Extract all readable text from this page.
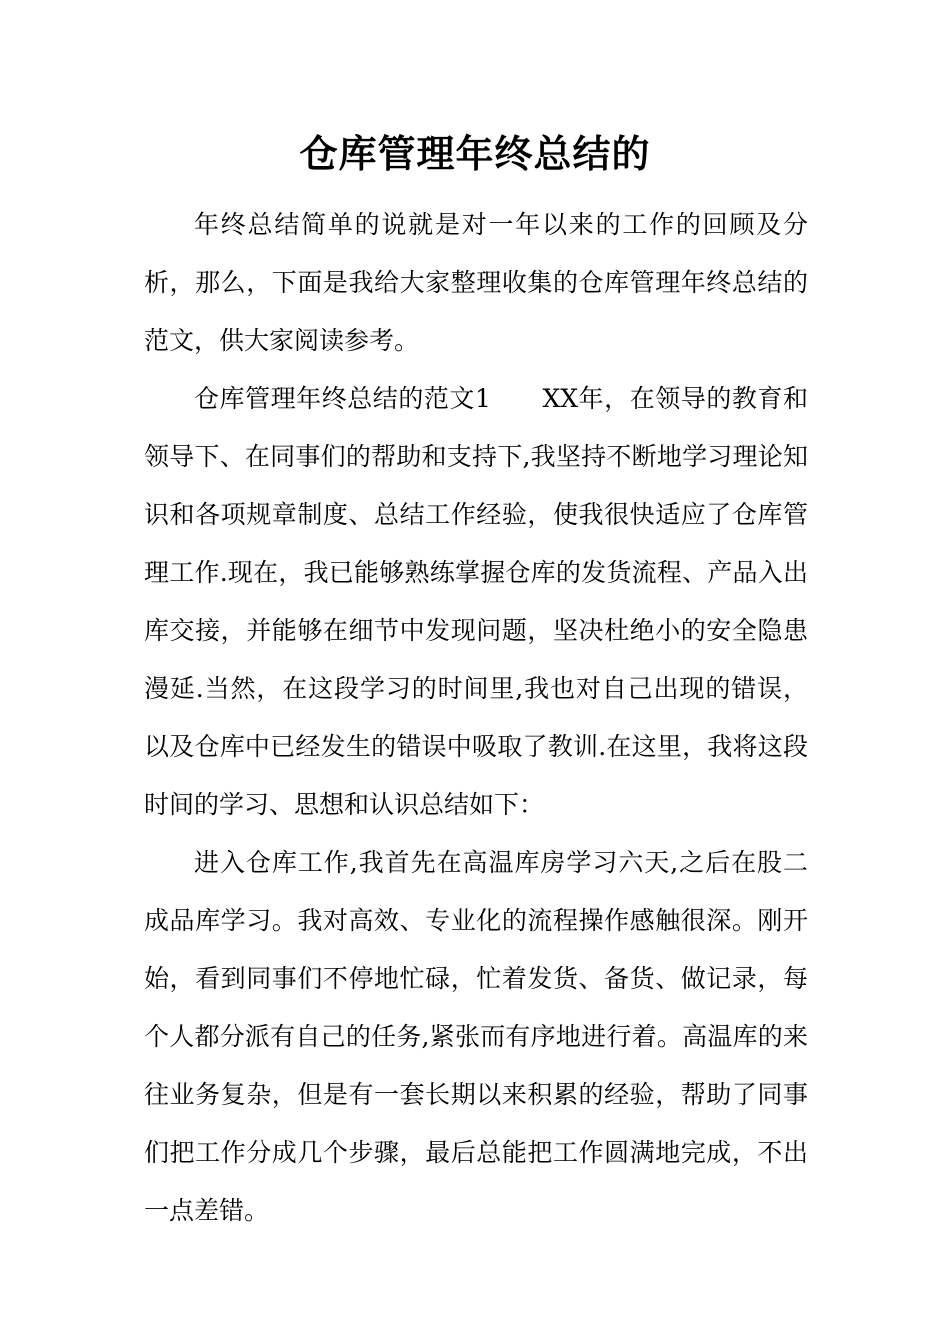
仓库管理年终总结的

年终总结简单的说就是对一年以来的工作的回顾及分析，那么，下面是我给大家整理收集的仓库管理年终总结的范文，供大家阅读参考。

仓库管理年终总结的范文1　　XX年，在领导的教育和领导下、在同事们的帮助和支持下,我坚持不断地学习理论知识和各项规章制度、总结工作经验，使我很快适应了仓库管理工作.现在，我已能够熟练掌握仓库的发货流程、产品入出库交接，并能够在细节中发现问题，坚决杜绝小的安全隐患漫延.当然，在这段学习的时间里,我也对自己出现的错误，以及仓库中已经发生的错误中吸取了教训.在这里，我将这段时间的学习、思想和认识总结如下：

进入仓库工作,我首先在高温库房学习六天,之后在股二成品库学习。我对高效、专业化的流程操作感触很深。刚开始，看到同事们不停地忙碌，忙着发货、备货、做记录，每个人都分派有自己的任务,紧张而有序地进行着。高温库的来往业务复杂，但是有一套长期以来积累的经验，帮助了同事们把工作分成几个步骤，最后总能把工作圆满地完成，不出一点差错。
